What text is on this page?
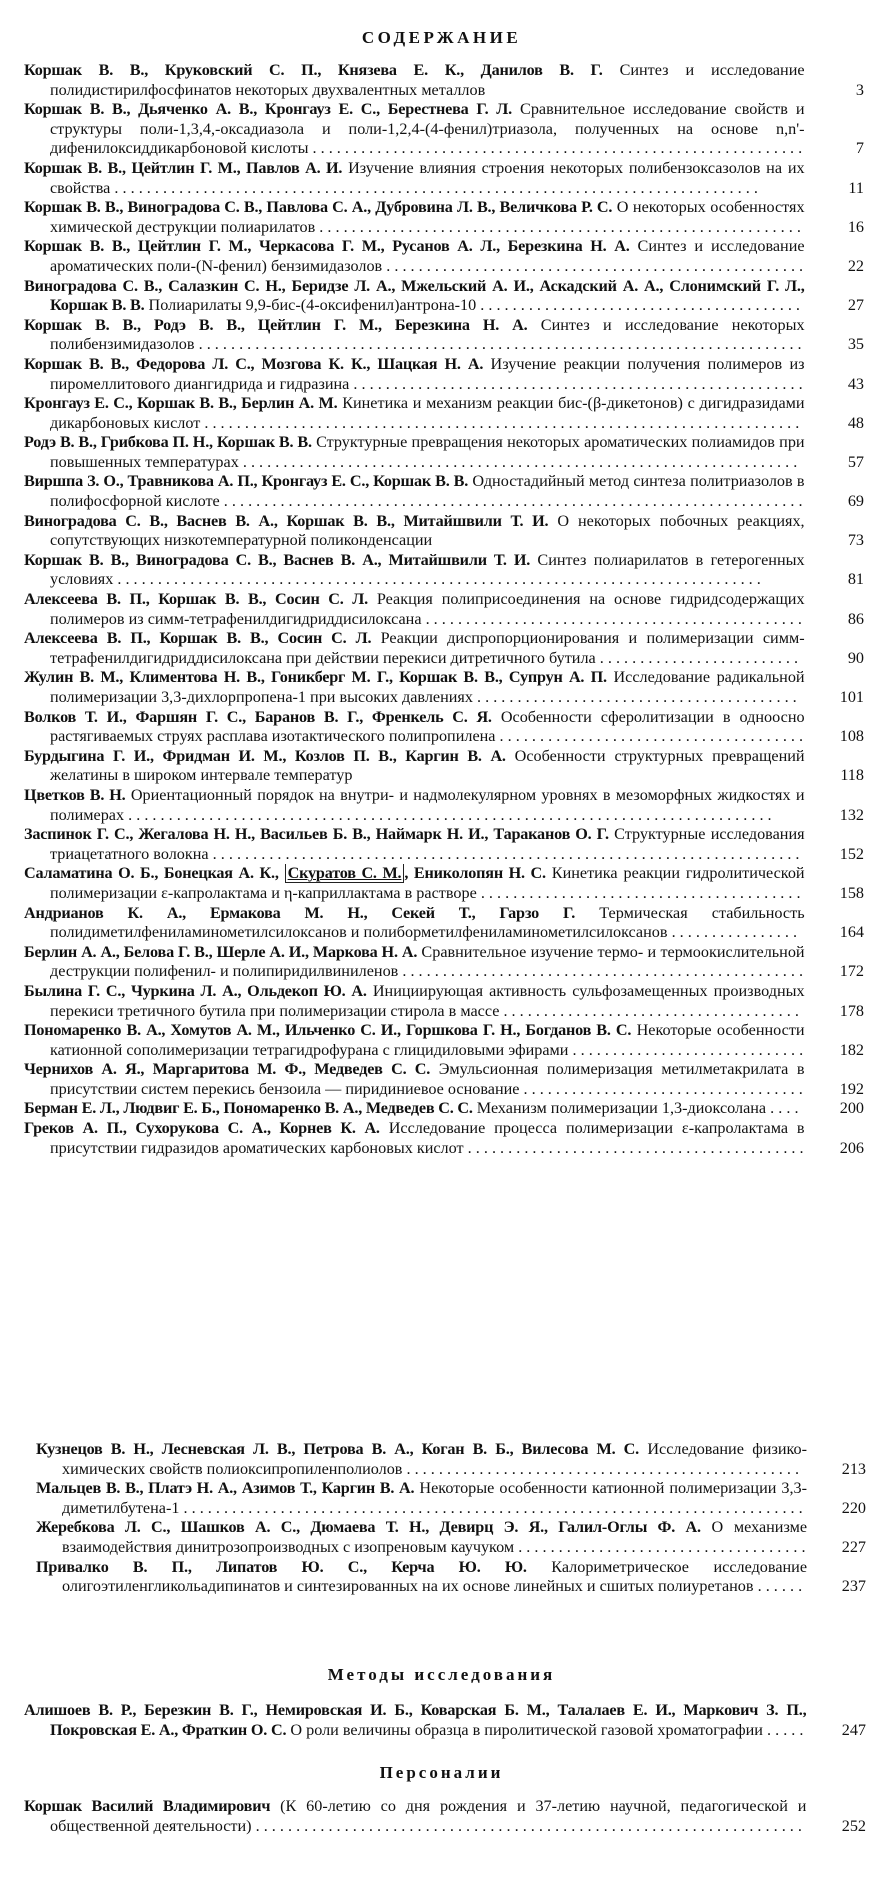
СОДЕРЖАНИЕ
Коршак В. В., Круковский С. П., Князева Е. К., Данилов В. Г. Синтез и исследование полидистирилфосфинатов некоторых двухвалентных металлов	3
Коршак В. В., Дьяченко А. В., Кронгауз Е. С., Берестнева Г. Л. Сравнительное исследование свойств и структуры поли-1,3,4,-оксадиазола и поли-1,2,4-(4-фенил)триазола, полученных на основе n,n'-дифенилоксиддикарбоновой кислоты . . . . . . . . . . . . . . . . . . . . . . . . . . . . . . . . . . . . . . . . . . . . . . . . . . . . . . . . . . . . .	7
Коршак В. В., Цейтлин Г. М., Павлов А. И. Изучение влияния строения некоторых полибензоксазолов на их свойства . . . . . . . . . . . . . . . . . . . . . . . . . . . . . . . . . . . . . . . . . . . . . . . . . . . . . . . . . . . . . . . . . . . . . . . . . . . . . . . .	11
Коршак В. В., Виноградова С. В., Павлова С. А., Дубровина Л. В., Величкова Р. С. О некоторых особенностях химической деструкции полиарилатов . . . . . . . . . . . . . . . . . . . . . . . . . . . . . . . . . . . . . . . . . . . . . . . . . . . . . . . . . . . .	16
Коршак В. В., Цейтлин Г. М., Черкасова Г. М., Русанов А. Л., Березкина Н. А. Синтез и исследование ароматических поли-(N-фенил) бензимидазолов . . . . . . . . . . . . . . . . . . . . . . . . . . . . . . . . . . . . . . . . . . . . . . . . . . . .	22
Виноградова С. В., Салазкин С. Н., Беридзе Л. А., Мжельский А. И., Аскадский А. А., Слонимский Г. Л., Коршак В. В. Полиарилаты 9,9-бис-(4-оксифенил)антрона-10 . . . . . . . . . . . . . . . . . . . . . . . . . . . . . . . . . . . . . . . .	27
Коршак В. В., Родэ В. В., Цейтлин Г. М., Березкина Н. А. Синтез и исследование некоторых полибензимидазолов . . . . . . . . . . . . . . . . . . . . . . . . . . . . . . . . . . . . . . . . . . . . . . . . . . . . . . . . . . . . . . . . . . . . . . . . . . .	35
Коршак В. В., Федорова Л. С., Мозгова К. К., Шацкая Н. А. Изучение реакции получения полимеров из пиромеллитового диангидрида и гидразина . . . . . . . . . . . . . . . . . . . . . . . . . . . . . . . . . . . . . . . . . . . . . . . . . . . . . . . .	43
Кронгауз Е. С., Коршак В. В., Берлин А. М. Кинетика и механизм реакции бис-(β-дикетонов) с дигидразидами дикарбоновых кислот . . . . . . . . . . . . . . . . . . . . . . . . . . . . . . . . . . . . . . . . . . . . . . . . . . . . . . . . . . . . . . . . . . . . . . . . . .	48
Родэ В. В., Грибкова П. Н., Коршак В. В. Структурные превращения некоторых ароматических полиамидов при повышенных температурах . . . . . . . . . . . . . . . . . . . . . . . . . . . . . . . . . . . . . . . . . . . . . . . . . . . . . . . . . . . . . . . . . . . . .	57
Виршпа З. О., Травникова А. П., Кронгауз Е. С., Коршак В. В. Одностадийный метод синтеза политриазолов в полифосфорной кислоте . . . . . . . . . . . . . . . . . . . . . . . . . . . . . . . . . . . . . . . . . . . . . . . . . . . . . . . . . . . . . . . . . . . . . . . .	69
Виноградова С. В., Васнев В. А., Коршак В. В., Митайшвили Т. И. О некоторых побочных реакциях, сопутствующих низкотемпературной поликонденсации	73
Коршак В. В., Виноградова С. В., Васнев В. А., Митайшвили Т. И. Синтез полиарилатов в гетерогенных условиях . . . . . . . . . . . . . . . . . . . . . . . . . . . . . . . . . . . . . . . . . . . . . . . . . . . . . . . . . . . . . . . . . . . . . . . . . . . . . . . .	81
Алексеева В. П., Коршак В. В., Сосин С. Л. Реакция полиприсоединения на основе гидридсодержащих полимеров из симм-тетрафенилдигидриддисилоксана . . . . . . . . . . . . . . . . . . . . . . . . . . . . . . . . . . . . . . . . . . . . . . .	86
Алексеева В. П., Коршак В. В., Сосин С. Л. Реакции диспропорционирования и полимеризации симм-тетрафенилдигидриддисилоксана при действии перекиси дитретичного бутила . . . . . . . . . . . . . . . . . . . . . . . . .	90
Жулин В. М., Климентова Н. В., Гоникберг М. Г., Коршак В. В., Супрун А. П. Исследование радикальной полимеризации 3,3-дихлорпропена-1 при высоких давлениях . . . . . . . . . . . . . . . . . . . . . . . . . . . . . . . . . . . . . . . .	101
Волков Т. И., Фаршян Г. С., Баранов В. Г., Френкель С. Я. Особенности сферолитизации в одноосно растягиваемых струях расплава изотактического полипропилена . . . . . . . . . . . . . . . . . . . . . . . . . . . . . . . . . . . . . .	108
Бурдыгина Г. И., Фридман И. М., Козлов П. В., Каргин В. А. Особенности структурных превращений желатины в широком интервале температур	118
Цветков В. Н. Ориентационный порядок на внутри- и надмолекулярном уровнях в мезоморфных жидкостях и полимерах . . . . . . . . . . . . . . . . . . . . . . . . . . . . . . . . . . . . . . . . . . . . . . . . . . . . . . . . . . . . . . . . . . . . . . . . . . . . . . . .	132
Заспинок Г. С., Жегалова Н. Н., Васильев Б. В., Наймарк Н. И., Тараканов О. Г. Структурные исследования триацетатного волокна . . . . . . . . . . . . . . . . . . . . . . . . . . . . . . . . . . . . . . . . . . . . . . . . . . . . . . . . . . . . . . . . . . . . . . . . .	152
Саламатина О. Б., Бонецкая А. К., Скуратов С. М. , Ениколопян Н. С. Кинетика реакции гидролитической полимеризации ε-капролактама и η-каприллактама в растворе . . . . . . . . . . . . . . . . . . . . . . . . . . . . . . . . . . . . . . . .	158
Андрианов К. А., Ермакова М. Н., Секей Т., Гарзо Г. Термическая стабильность полидиметилфениламинометилсилоксанов и полиборметилфениламинометилсилоксанов . . . . . . . . . . . . . . . .	164
Берлин А. А., Белова Г. В., Шерле А. И., Маркова Н. А. Сравнительное изучение термо- и термоокислительной деструкции полифенил- и полипиридилвиниленов . . . . . . . . . . . . . . . . . . . . . . . . . . . . . . . . . . . . . . . . . . . . . . . . . .	172
Былина Г. С., Чуркина Л. А., Ольдекоп Ю. А. Инициирующая активность сульфозамещенных производных перекиси третичного бутила при полимеризации стирола в массе . . . . . . . . . . . . . . . . . . . . . . . . . . . . . . . . . . . . .	178
Пономаренко В. А., Хомутов А. М., Ильченко С. И., Горшкова Г. Н., Богданов В. С. Некоторые особенности катионной сополимеризации тетрагидрофурана с глицидиловыми эфирами . . . . . . . . . . . . . . . . . . . . . . . . . . . . .	182
Чернихов А. Я., Маргаритова М. Ф., Медведев С. С. Эмульсионная полимеризация метилметакрилата в присутствии систем перекись бензоила — пиридиниевое основание . . . . . . . . . . . . . . . . . . . . . . . . . . . . . . . . . . .	192
Берман Е. Л., Людвиг Е. Б., Пономаренко В. А., Медведев С. С. Механизм полимеризации 1,3-диоксолана . . . .	200
Греков А. П., Сухорукова С. А., Корнев К. А. Исследование процесса полимеризации ε-капролактама в присутствии гидразидов ароматических карбоновых кислот . . . . . . . . . . . . . . . . . . . . . . . . . . . . . . . . . . . . . . . . . .	206
Кузнецов В. Н., Лесневская Л. В., Петрова В. А., Коган В. Б., Вилесова М. С. Исследование физико-химических свойств полиоксипропиленполиолов . . . . . . . . . . . . . . . . . . . . . . . . . . . . . . . . . . . . . . . . . . . . . . . . .	213
Мальцев В. В., Платэ Н. А., Азимов Т., Каргин В. А. Некоторые особенности катионной полимеризации 3,3-диметилбутена-1 . . . . . . . . . . . . . . . . . . . . . . . . . . . . . . . . . . . . . . . . . . . . . . . . . . . . . . . . . . . . . . . . . . . . . . . . . . . . .	220
Жеребкова Л. С., Шашков А. С., Дюмаева Т. Н., Девирц Э. Я., Галил-Оглы Ф. А. О механизме взаимодействия динитрозопроизводных с изопреновым каучуком . . . . . . . . . . . . . . . . . . . . . . . . . . . . . . . . . . . .	227
Привалко В. П., Липатов Ю. С., Керча Ю. Ю. Калориметрическое исследование олигоэтиленгликольадипинатов и синтезированных на их основе линейных и сшитых полиуретанов . . . . . .	237
Методы исследования
Алишоев В. Р., Березкин В. Г., Немировская И. Б., Коварская Б. М., Талалаев Е. И., Маркович З. П., Покровская Е. А., Фраткин О. С. О роли величины образца в пиролитической газовой хроматографии . . . . .	247
Персоналии
Коршак Василий Владимирович (К 60-летию со дня рождения и 37-летию научной, педагогической и общественной деятельности) . . . . . . . . . . . . . . . . . . . . . . . . . . . . . . . . . . . . . . . . . . . . . . . . . . . . . . . . . . . . . . . . . . . .	252
